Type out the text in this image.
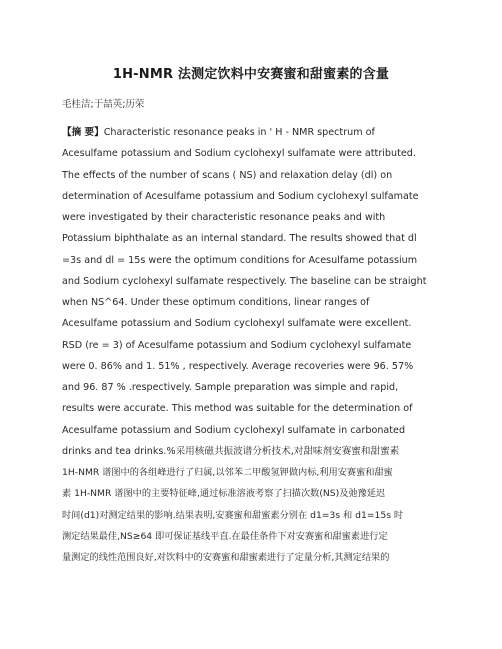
1H-NMR 法测定饮料中安赛蜜和甜蜜素的含量
毛桂洁;于喆英;历荣
【摘 要】Characteristic resonance peaks in ' H - NMR spectrum of
Acesulfame potassium and Sodium cyclohexyl sulfamate were attributed.
The effects of the number of scans ( NS) and relaxation delay (dl) on
determination of Acesulfame potassium and Sodium cyclohexyl sulfamate
were investigated by their characteristic resonance peaks and with
Potassium biphthalate as an internal standard. The results showed that dl
=3s and dl = 15s were the optimum conditions for Acesulfame potassium
and Sodium cyclohexyl sulfamate respectively. The baseline can be straight
when NS^64. Under these optimum conditions, linear ranges of
Acesulfame potassium and Sodium cyclohexyl sulfamate were excellent.
RSD (re = 3) of Acesulfame potassium and Sodium cyclohexyl sulfamate
were 0. 86% and 1. 51% , respectively. Average recoveries were 96. 57%
and 96. 87 % .respectively. Sample preparation was simple and rapid,
results were accurate. This method was suitable for the determination of
Acesulfame potassium and Sodium cyclohexyl sulfamate in carbonated
drinks and tea drinks.%采用核磁共振波谱分析技术,对甜味剂安赛蜜和甜蜜素
1H-NMR 谱图中的各组峰进行了归属,以邻苯二甲酸氢钾做内标,利用安赛蜜和甜蜜
素 1H-NMR 谱图中的主要特征峰,通过标准溶液考察了扫描次数(NS)及弛豫延迟
时间(d1)对测定结果的影响.结果表明,安赛蜜和甜蜜素分别在 d1=3s 和 d1=15s 时
测定结果最佳,NS≥64 即可保证基线平直.在最佳条件下对安赛蜜和甜蜜素进行定
量测定的线性范围良好,对饮料中的安赛蜜和甜蜜素进行了定量分析,其测定结果的
